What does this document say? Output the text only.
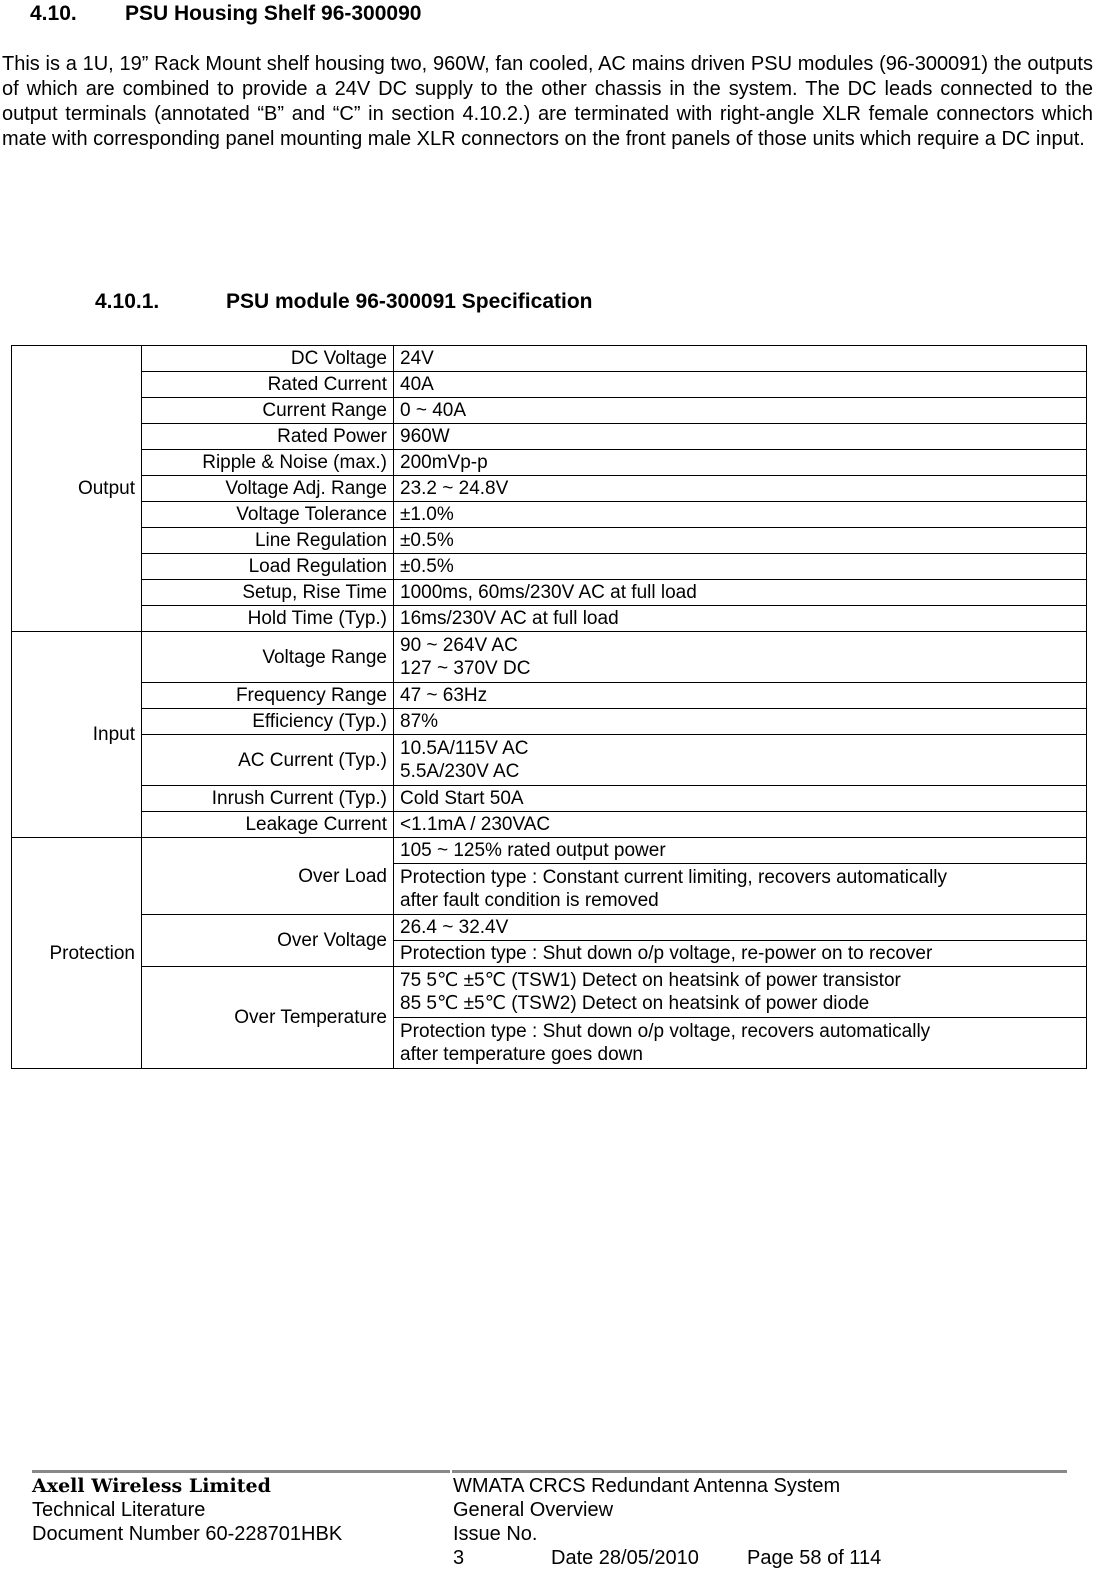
4.10. PSU Housing Shelf 96-300090
This is a 1U, 19” Rack Mount shelf housing two, 960W, fan cooled, AC mains driven PSU modules (96-300091) the outputs of which are combined to provide a 24V DC supply to the other chassis in the system. The DC leads connected to the output terminals (annotated “B” and “C” in section 4.10.2.) are terminated with right-angle XLR female connectors which mate with corresponding panel mounting male XLR connectors on the front panels of those units which require a DC input.
4.10.1.	PSU module 96-300091 Specification
Output	DC Voltage	24V
	Rated Current	40A
	Current Range	0 ~ 40A
	Rated Power	960W
	Ripple & Noise (max.)	200mVp-p
	Voltage Adj. Range	23.2 ~ 24.8V
	Voltage Tolerance	±1.0%
	Line Regulation	±0.5%
	Load Regulation	±0.5%
	Setup, Rise Time	1000ms, 60ms/230V AC at full load
	Hold Time (Typ.)	16ms/230V AC at full load
Input	Voltage Range	90 ~ 264V AC
127 ~ 370V DC

	Frequency Range	47 ~ 63Hz
	Efficiency (Typ.)	87%
	AC Current (Typ.)	10.5A/115V AC
5.5A/230V AC

	Inrush Current (Typ.)	Cold Start 50A
	Leakage Current	<1.1mA / 230VAC
Protection	Over Load	105 ~ 125% rated output power

		Protection type : Constant current limiting, recovers automatically
after fault condition is removed

	Over Voltage	26.4 ~ 32.4V
		Protection type : Shut down o/p voltage, re-power on to recover
	Over Temperature	75 5℃ ±5℃ (TSW1) Detect on heatsink of power transistor
85 5℃ ±5℃ (TSW2) Detect on heatsink of power diode

		Protection type : Shut down o/p voltage, recovers automatically
after temperature goes down
Axell Wireless Limited
Technical Literature
Document Number 60-228701HBK
WMATA CRCS Redundant Antenna System
General Overview
Issue No. 3	Date 28/05/2010 Page 58 of 114
